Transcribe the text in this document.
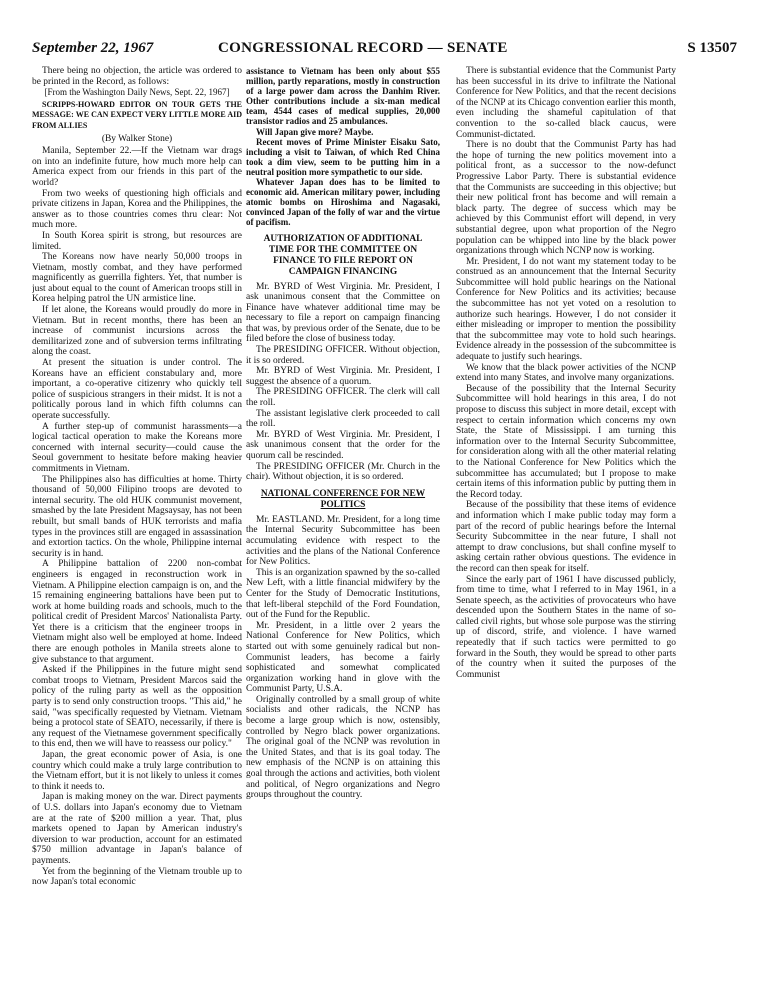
September 22, 1967	CONGRESSIONAL RECORD — SENATE	S 13507

There being no objection, the article was ordered to be printed in the Record, as follows:

[From the Washington Daily News, Sept. 22, 1967]

SCRIPPS-HOWARD EDITOR ON TOUR GETS THE MESSAGE: WE CAN EXPECT VERY LITTLE MORE AID FROM ALLIES

(By Walker Stone)

Manila, September 22.—If the Vietnam war drags on into an indefinite future, how much more help can America expect from our friends in this part of the world?

From two weeks of questioning high officials and private citizens in Japan, Korea and the Philippines, the answer as to those countries comes thru clear: Not much more.

In South Korea spirit is strong, but resources are limited.

The Koreans now have nearly 50,000 troops in Vietnam, mostly combat, and they have performed magnificently as guerrilla fighters. Yet, that number is just about equal to the count of American troops still in Korea helping patrol the UN armistice line.

If let alone, the Koreans would proudly do more in Vietnam. But in recent months, there has been an increase of communist incursions across the demilitarized zone and of subversion terms infiltrating along the coast.

At present the situation is under control. The Koreans have an efficient constabulary and, more important, a co-operative citizenry who quickly tell police of suspicious strangers in their midst. It is not a politically porous land in which fifth columns can operate successfully.

A further step-up of communist harassments—a logical tactical operation to make the Koreans more concerned with internal security—could cause the Seoul government to hesitate before making heavier commitments in Vietnam.

The Philippines also has difficulties at home. Thirty thousand of 50,000 Filipino troops are devoted to internal security. The old HUK communist movement, smashed by the late President Magsaysay, has not been rebuilt, but small bands of HUK terrorists and mafia types in the provinces still are engaged in assassination and extortion tactics. On the whole, Philippine internal security is in hand.

A Philippine battalion of 2200 non-combat engineers is engaged in reconstruction work in Vietnam. A Philippine election campaign is on, and the 15 remaining engineering battalions have been put to work at home building roads and schools, much to the political credit of President Marcos' Nationalista Party. Yet there is a criticism that the engineer troops in Vietnam might also well be employed at home. Indeed there are enough potholes in Manila streets alone to give substance to that argument.

Asked if the Philippines in the future might send combat troops to Vietnam, President Marcos said the policy of the ruling party as well as the opposition party is to send only construction troops. "This aid," he said, "was specifically requested by Vietnam. Vietnam being a protocol state of SEATO, necessarily, if there is any request of the Vietnamese government specifically to this end, then we will have to reassess our policy."

Japan, the great economic power of Asia, is one country which could make a truly large contribution to the Vietnam effort, but it is not likely to unless it comes to think it needs to.

Japan is making money on the war. Direct payments of U.S. dollars into Japan's economy due to Vietnam are at the rate of $200 million a year. That, plus markets opened to Japan by American industry's diversion to war production, account for an estimated $750 million advantage in Japan's balance of payments.

Yet from the beginning of the Vietnam trouble up to now Japan's total economic

assistance to Vietnam has been only about $55 million, partly reparations, mostly in construction of a large power dam across the Danhim River. Other contributions include a six-man medical team, 4544 cases of medical supplies, 20,000 transistor radios and 25 ambulances.

Will Japan give more? Maybe.

Recent moves of Prime Minister Eisaku Sato, including a visit to Taiwan, of which Red China took a dim view, seem to be putting him in a neutral position more sympathetic to our side.

Whatever Japan does has to be limited to economic aid. American military power, including atomic bombs on Hiroshima and Nagasaki, convinced Japan of the folly of war and the virtue of pacifism.

AUTHORIZATION OF ADDITIONAL TIME FOR THE COMMITTEE ON FINANCE TO FILE REPORT ON CAMPAIGN FINANCING

Mr. BYRD of West Virginia. Mr. President, I ask unanimous consent that the Committee on Finance have whatever additional time may be necessary to file a report on campaign financing that was, by previous order of the Senate, due to be filed before the close of business today.

The PRESIDING OFFICER. Without objection, it is so ordered.

Mr. BYRD of West Virginia. Mr. President, I suggest the absence of a quorum.

The PRESIDING OFFICER. The clerk will call the roll.

The assistant legislative clerk proceeded to call the roll.

Mr. BYRD of West Virginia. Mr. President, I ask unanimous consent that the order for the quorum call be rescinded.

The PRESIDING OFFICER (Mr. Church in the chair). Without objection, it is so ordered.

NATIONAL CONFERENCE FOR NEW POLITICS

Mr. EASTLAND. Mr. President, for a long time the Internal Security Subcommittee has been accumulating evidence with respect to the activities and the plans of the National Conference for New Politics.

This is an organization spawned by the so-called New Left, with a little financial midwifery by the Center for the Study of Democratic Institutions, that left-liberal stepchild of the Ford Foundation, out of the Fund for the Republic.

Mr. President, in a little over 2 years the National Conference for New Politics, which started out with some genuinely radical but non-Communist leaders, has become a fairly sophisticated and somewhat complicated organization working hand in glove with the Communist Party, U.S.A.

Originally controlled by a small group of white socialists and other radicals, the NCNP has become a large group which is now, ostensibly, controlled by Negro black power organizations. The original goal of the NCNP was revolution in the United States, and that is its goal today. The new emphasis of the NCNP is on attaining this goal through the actions and activities, both violent and political, of Negro organizations and Negro groups throughout the country.

There is substantial evidence that the Communist Party has been successful in its drive to infiltrate the National Conference for New Politics, and that the recent decisions of the NCNP at its Chicago convention earlier this month, even including the shameful capitulation of that convention to the so-called black caucus, were Communist-dictated.

There is no doubt that the Communist Party has had the hope of turning the new politics movement into a political front, as a successor to the now-defunct Progressive Labor Party. There is substantial evidence that the Communists are succeeding in this objective; but their new political front has become and will remain a black party. The degree of success which may be achieved by this Communist effort will depend, in very substantial degree, upon what proportion of the Negro population can be whipped into line by the black power organizations through which NCNP now is working.

Mr. President, I do not want my statement today to be construed as an announcement that the Internal Security Subcommittee will hold public hearings on the National Conference for New Politics and its activities; because the subcommittee has not yet voted on a resolution to authorize such hearings. However, I do not consider it either misleading or improper to mention the possibility that the subcommittee may vote to hold such hearings. Evidence already in the possession of the subcommittee is adequate to justify such hearings.

We know that the black power activities of the NCNP extend into many States, and involve many organizations.

Because of the possibility that the Internal Security Subcommittee will hold hearings in this area, I do not propose to discuss this subject in more detail, except with respect to certain information which concerns my own State, the State of Mississippi. I am turning this information over to the Internal Security Subcommittee, for consideration along with all the other material relating to the National Conference for New Politics which the subcommittee has accumulated; but I propose to make certain items of this information public by putting them in the Record today.

Because of the possibility that these items of evidence and information which I make public today may form a part of the record of public hearings before the Internal Security Subcommittee in the near future, I shall not attempt to draw conclusions, but shall confine myself to asking certain rather obvious questions. The evidence in the record can then speak for itself.

Since the early part of 1961 I have discussed publicly, from time to time, what I referred to in May 1961, in a Senate speech, as the activities of provocateurs who have descended upon the Southern States in the name of so-called civil rights, but whose sole purpose was the stirring up of discord, strife, and violence. I have warned repeatedly that if such tactics were permitted to go forward in the South, they would be spread to other parts of the country when it suited the purposes of the Communist
